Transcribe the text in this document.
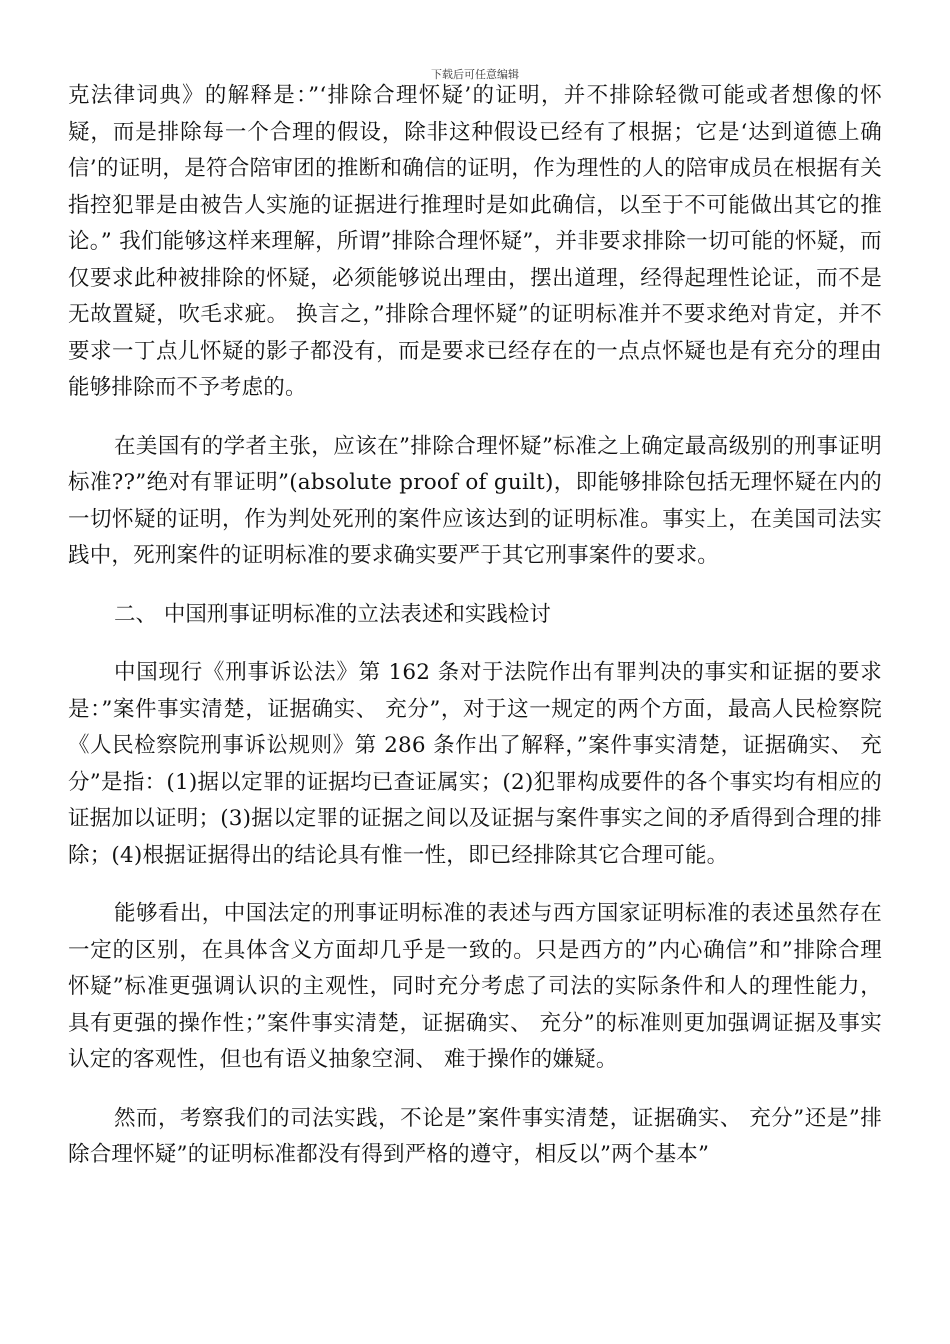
下载后可任意编辑

克法律词典》的解释是：”‘排除合理怀疑’的证明，并不排除轻微可能或者想像的怀疑，而是排除每一个合理的假设，除非这种假设已经有了根据；它是‘达到道德上确信’的证明，是符合陪审团的推断和确信的证明，作为理性的人的陪审成员在根据有关指控犯罪是由被告人实施的证据进行推理时是如此确信，以至于不可能做出其它的推论。” 我们能够这样来理解，所谓”排除合理怀疑”，并非要求排除一切可能的怀疑，而仅要求此种被排除的怀疑，必须能够说出理由，摆出道理，经得起理性论证，而不是无故置疑，吹毛求疵。 换言之，”排除合理怀疑”的证明标准并不要求绝对肯定，并不要求一丁点儿怀疑的影子都没有，而是要求已经存在的一点点怀疑也是有充分的理由能够排除而不予考虑的。

在美国有的学者主张，应该在”排除合理怀疑”标准之上确定最高级别的刑事证明标准??”绝对有罪证明”(absolute proof of guilt)，即能够排除包括无理怀疑在内的一切怀疑的证明，作为判处死刑的案件应该达到的证明标准。事实上，在美国司法实践中，死刑案件的证明标准的要求确实要严于其它刑事案件的要求。

二、 中国刑事证明标准的立法表述和实践检讨

中国现行《刑事诉讼法》第 162 条对于法院作出有罪判决的事实和证据的要求是：”案件事实清楚，证据确实、 充分”，对于这一规定的两个方面，最高人民检察院《人民检察院刑事诉讼规则》第 286 条作出了解释，”案件事实清楚，证据确实、 充分”是指：(1)据以定罪的证据均已查证属实；(2)犯罪构成要件的各个事实均有相应的证据加以证明；(3)据以定罪的证据之间以及证据与案件事实之间的矛盾得到合理的排除；(4)根据证据得出的结论具有惟一性，即已经排除其它合理可能。

能够看出，中国法定的刑事证明标准的表述与西方国家证明标准的表述虽然存在一定的区别，在具体含义方面却几乎是一致的。只是西方的”内心确信”和”排除合理怀疑”标准更强调认识的主观性，同时充分考虑了司法的实际条件和人的理性能力，具有更强的操作性；”案件事实清楚，证据确实、 充分”的标准则更加强调证据及事实认定的客观性，但也有语义抽象空洞、 难于操作的嫌疑。

然而，考察我们的司法实践，不论是”案件事实清楚，证据确实、 充分”还是”排除合理怀疑”的证明标准都没有得到严格的遵守，相反以”两个基本”
